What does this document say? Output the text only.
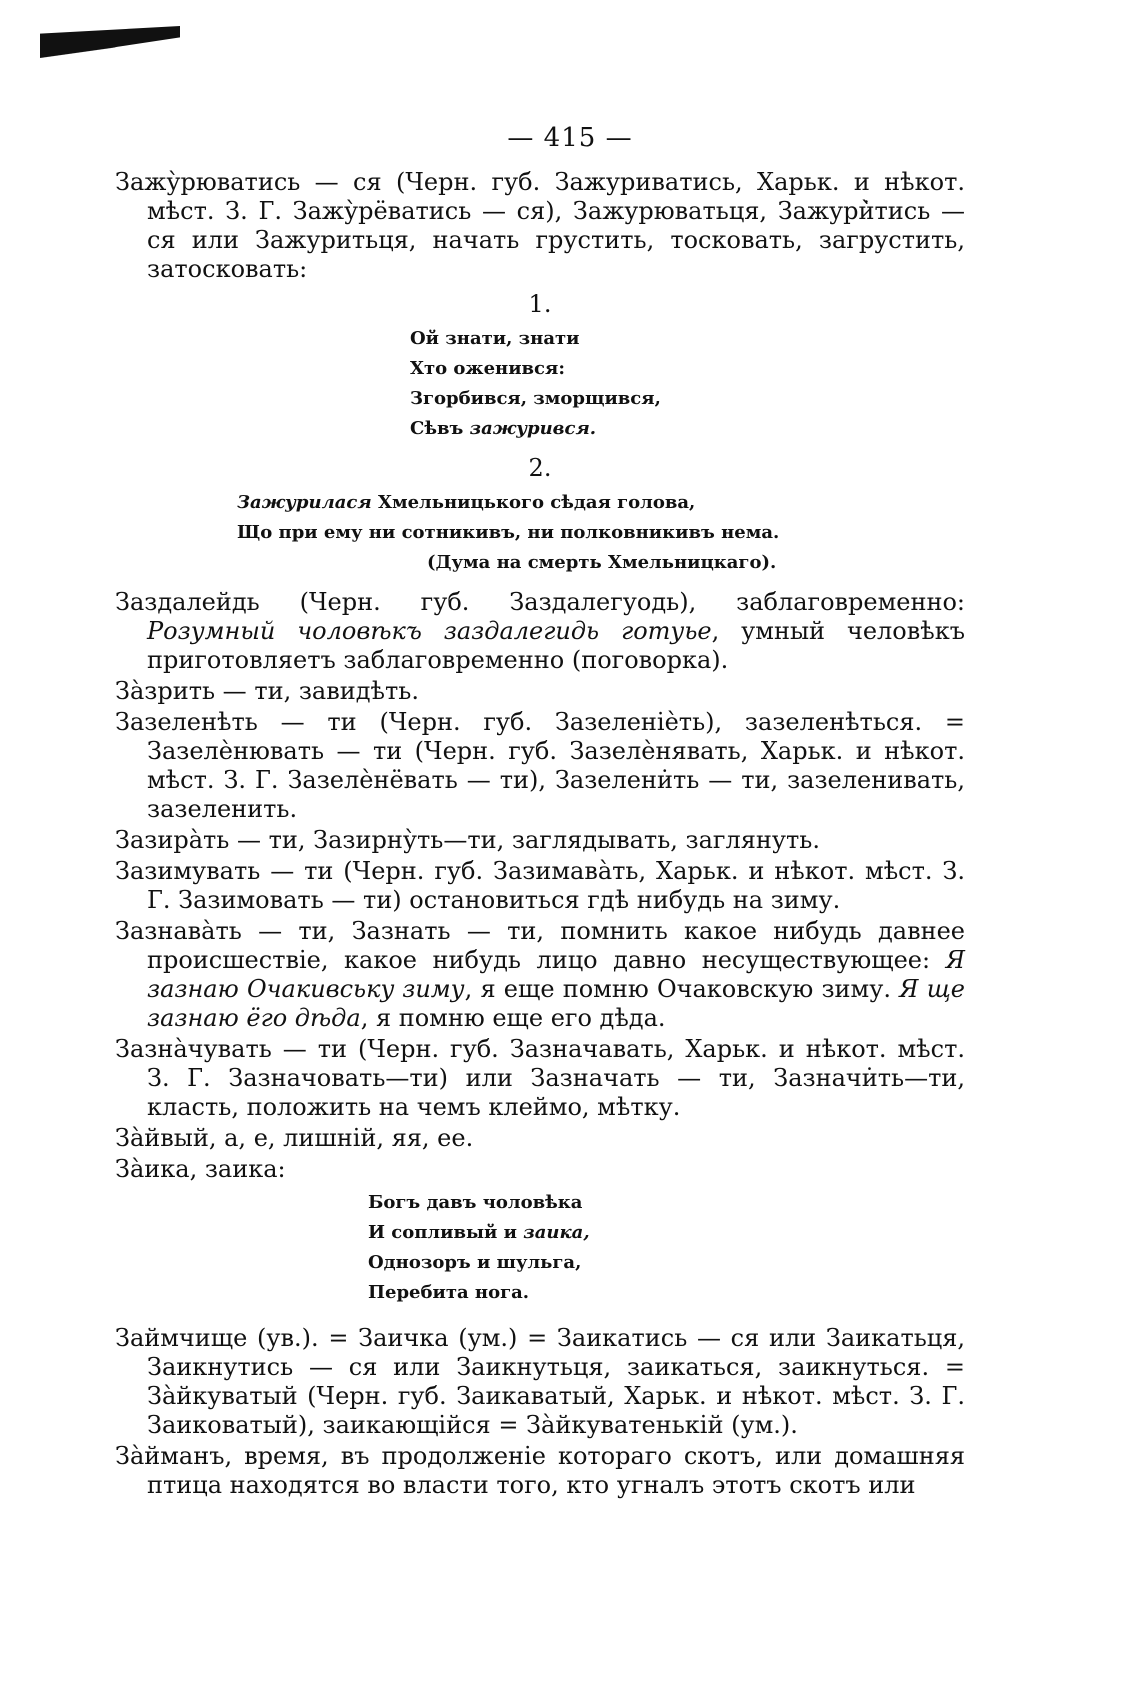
— 415 —

Зажу̀рюватись — ся (Черн. губ. Зажуриватись, Харьк. и нѣкот. мѣст. З. Г. Зажу̀рёватись — ся), Зажурюватьця, Зажури̇̀тись — ся или Зажуритьця, начать грустить, тосковать, загрустить, затосковать:

1.
Ой знати, знати
Хто оженився:
Згорбився, зморщився,
Сѣвъ зажурився.
2.
Зажурилася Хмельницького сѣдая голова,
Що при ему ни сотникивъ, ни полковникивъ нема.
(Дума на смерть Хмельницкаго).

Заздалейдь (Черн. губ. Заздалегуодь), заблаговременно: Розумный чоловѣкъ заздалегидь готуье, умный человѣкъ приготовляетъ заблаговременно (поговорка).

За̀зрить — ти, завидѣть.

Зазеленѣть — ти (Черн. губ. Зазеленіѐть), зазеленѣться. = Зазелѐнювать — ти (Черн. губ. Зазелѐнявать, Харьк. и нѣкот. мѣст. З. Г. Зазелѐнёвать — ти), Зазелени̇ть — ти, зазеленивать, зазеленить.

Зазира̀ть — ти, Зазирну̀ть—ти, заглядывать, заглянуть.

Зазимувать — ти (Черн. губ. Зазимава̀ть, Харьк. и нѣкот. мѣст. З. Г. Зазимовать — ти) остановиться гдѣ нибудь на зиму.

Зазнава̀ть — ти, Зазнать — ти, помнить какое нибудь давнее происшествіе, какое нибудь лицо давно несуществующее: Я зазнаю Очакивськy зиму, я еще помню Очаковскую зиму. Я ще зазнаю ёго дѣда, я помню еще его дѣда.

Зазна̀чувать — ти (Черн. губ. Зазначавать, Харьк. и нѣкот. мѣст. З. Г. Зазначовать—ти) или Зазначать — ти, Зазначи̇ть—ти, класть, положить на чемъ клеймо, мѣтку.

За̀йвый, а, е, лишній, яя, ее.

За̀ика, заика:

Богъ давъ чоловѣка
И сопливый и заика,
Однозоръ и шульга,
Перебита нога.

Займчище (ув.). = Заичка (ум.) = Заикатись — ся или Заикатьця, Заикнутись — ся или Заикнутьця, заикаться, заикнуться. = За̀йкуватый (Черн. губ. Заикаватый, Харьк. и нѣкот. мѣст. З. Г. Заиковатый), заикающійся = За̀йкуватенькій (ум.).

За̀йманъ, время, въ продолженіе котораго скотъ, или домашняя птица находятся во власти того, кто угналъ этотъ скотъ или
